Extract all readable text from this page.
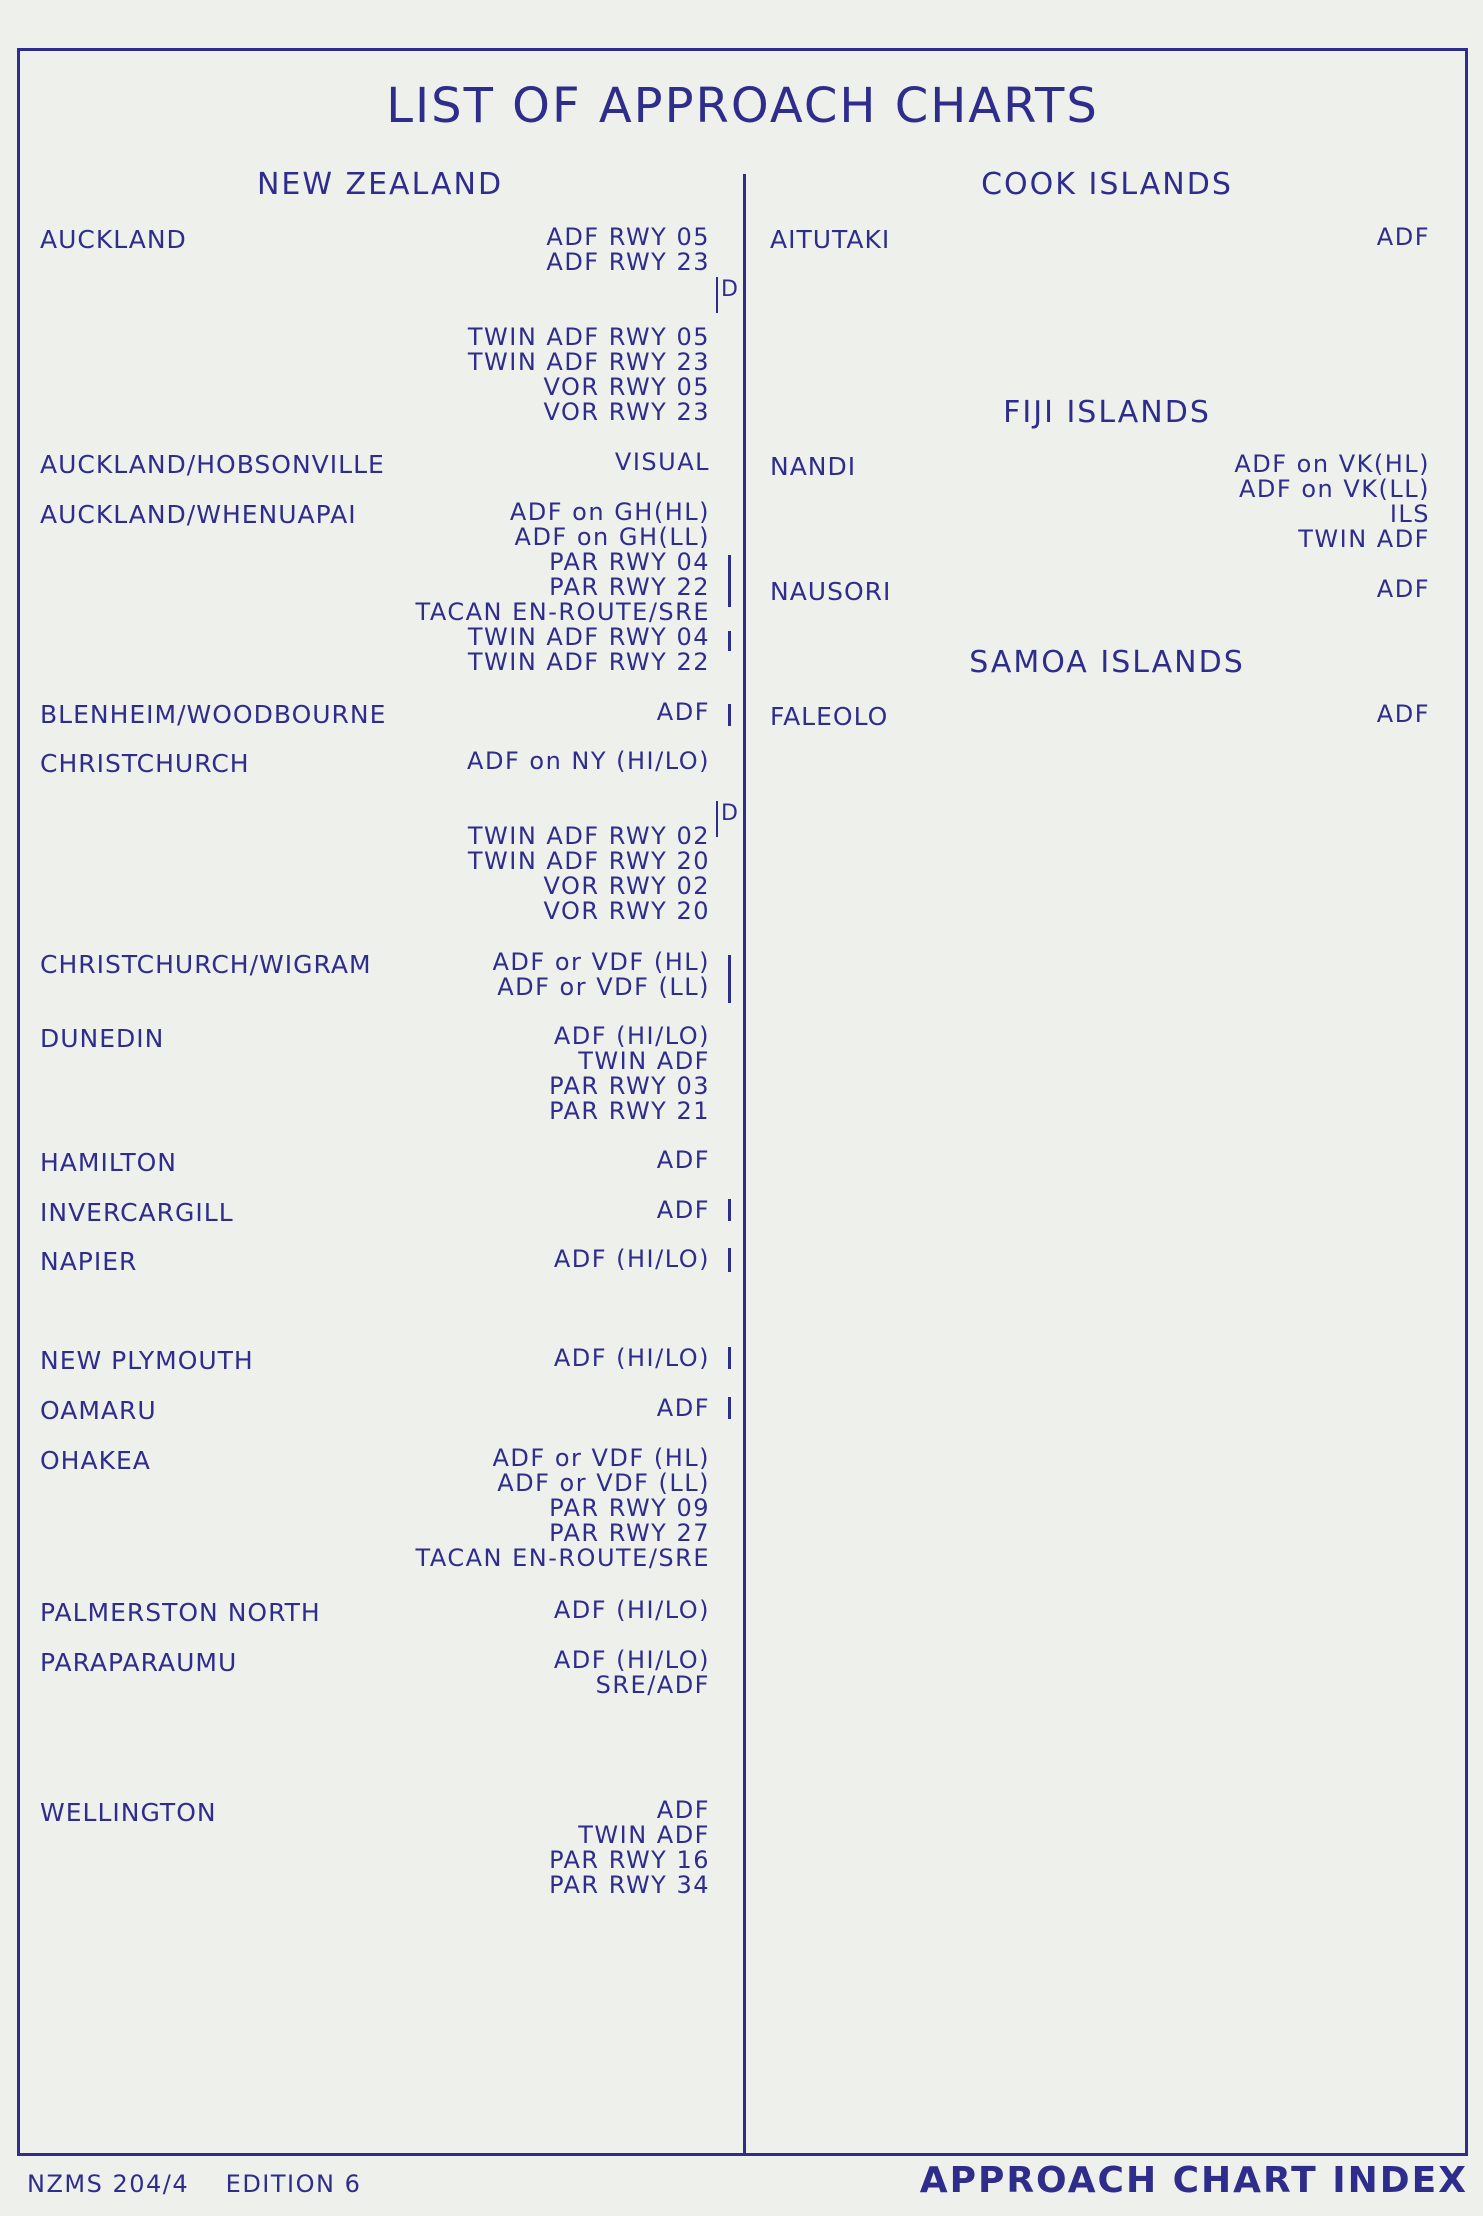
LIST OF APPROACH CHARTS
NEW ZEALAND	COOK ISLANDS
FIJI ISLANDS
SAMOA ISLANDS
AUCKLAND	ADF RWY 05
ADF RWY 23
TWIN ADF RWY 05
TWIN ADF RWY 23
VOR RWY 05
VOR RWY 23
D
AUCKLAND/HOBSONVILLE	VISUAL
AUCKLAND/WHENUAPAI	ADF on GH(HL)
ADF on GH(LL)
PAR RWY 04
PAR RWY 22
TACAN EN-ROUTE/SRE
TWIN ADF RWY 04
TWIN ADF RWY 22
BLENHEIM/WOODBOURNE	ADF
CHRISTCHURCH	ADF on NY (HI/LO)
TWIN ADF RWY 02
TWIN ADF RWY 20
VOR RWY 02
VOR RWY 20
D
CHRISTCHURCH/WIGRAM	ADF or VDF (HL)
ADF or VDF (LL)
DUNEDIN	ADF (HI/LO)
TWIN ADF
PAR RWY 03
PAR RWY 21
HAMILTON	ADF
INVERCARGILL	ADF
NAPIER	ADF (HI/LO)
NEW PLYMOUTH	ADF (HI/LO)
OAMARU	ADF
OHAKEA	ADF or VDF (HL)
ADF or VDF (LL)
PAR RWY 09
PAR RWY 27
TACAN EN-ROUTE/SRE
PALMERSTON NORTH	ADF (HI/LO)
PARAPARAUMU	ADF (HI/LO)
SRE/ADF
WELLINGTON	ADF
TWIN ADF
PAR RWY 16
PAR RWY 34
AITUTAKI	ADF
NANDI	ADF on VK(HL)
ADF on VK(LL)
ILS
TWIN ADF
NAUSORI	ADF
FALEOLO	ADF
NZMS 204/4 EDITION 6	APPROACH CHART INDEX
